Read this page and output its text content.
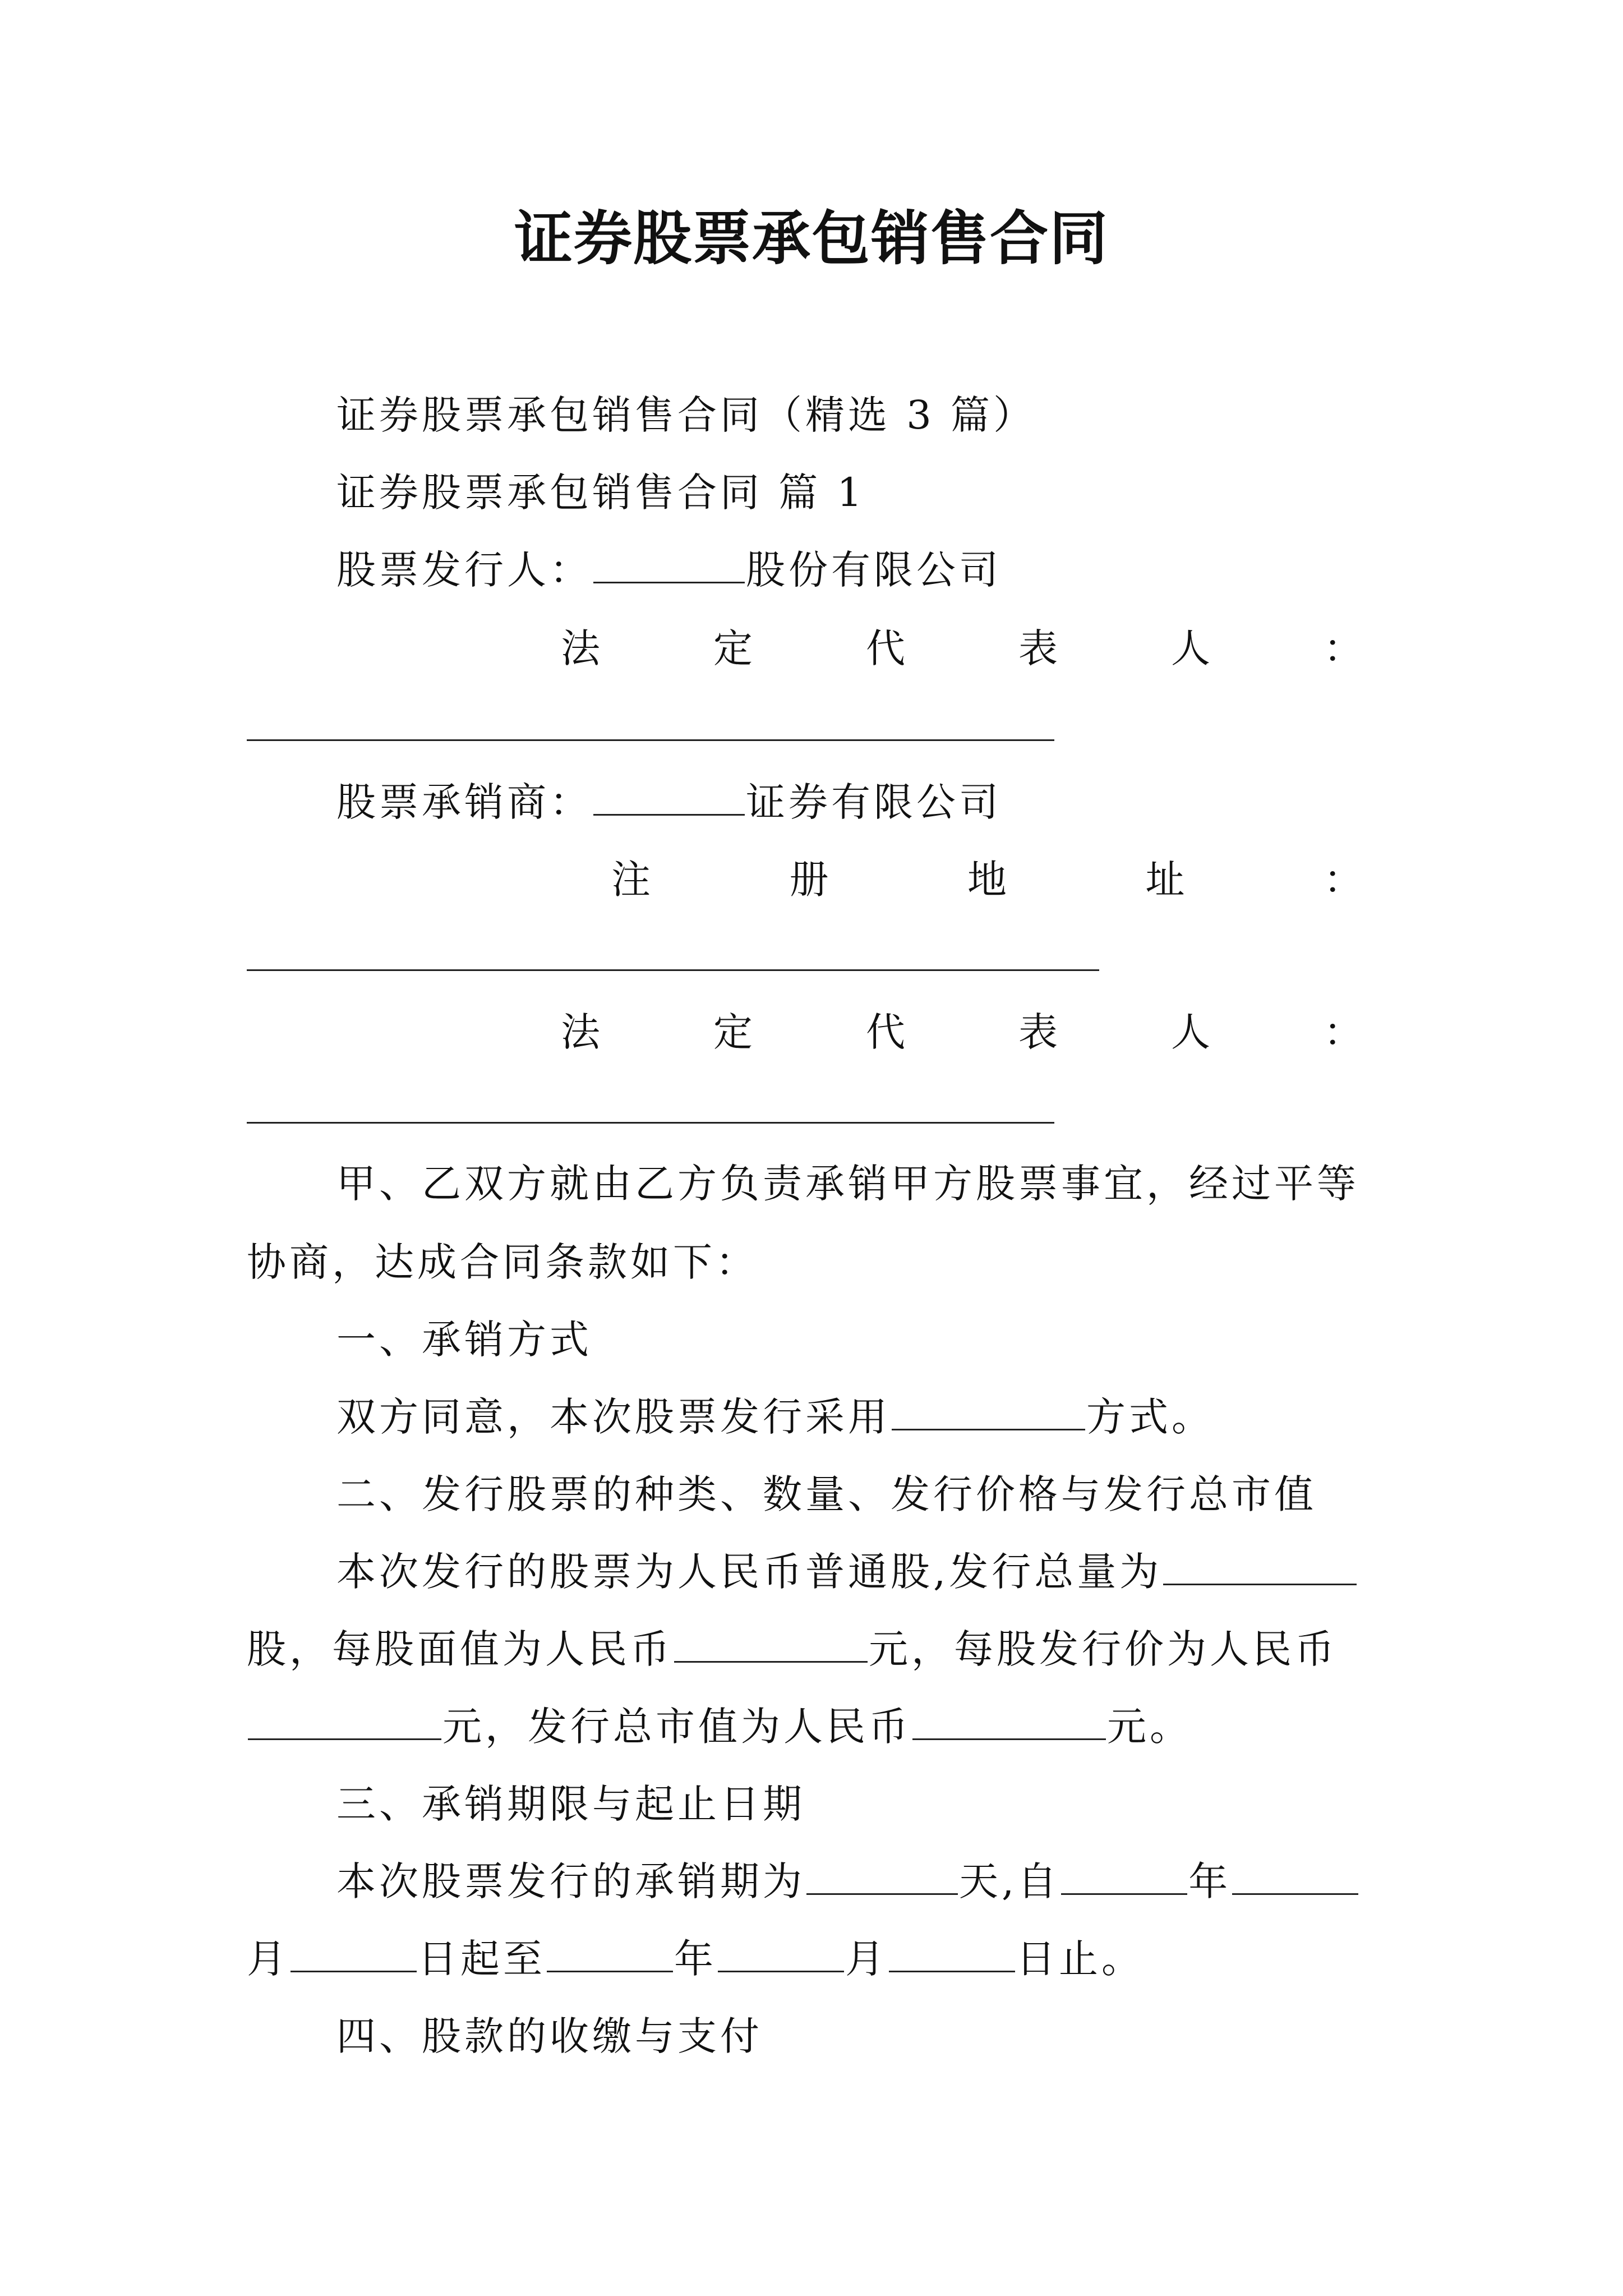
证券股票承包销售合同
证券股票承包销售合同（精选 3 篇）
证券股票承包销售合同 篇 1
股票发行人：	股份有限公司
法	定	代	表	人	：
股票承销商：	证券有限公司
注	册	地	址	：
法	定	代	表	人	：
甲、乙双方就由乙方负责承销甲方股票事宜，经过平等
协商，达成合同条款如下：
一、承销方式
双方同意，本次股票发行采用	方式。
二、发行股票的种类、数量、发行价格与发行总市值
本次发行的股票为人民币普通股,发行总量为
股，每股面值为人民币	元，每股发行价为人民币
元，发行总市值为人民币	元。
三、承销期限与起止日期
本次股票发行的承销期为	天,自	年
月	日起至	年	月	日止。
四、股款的收缴与支付
